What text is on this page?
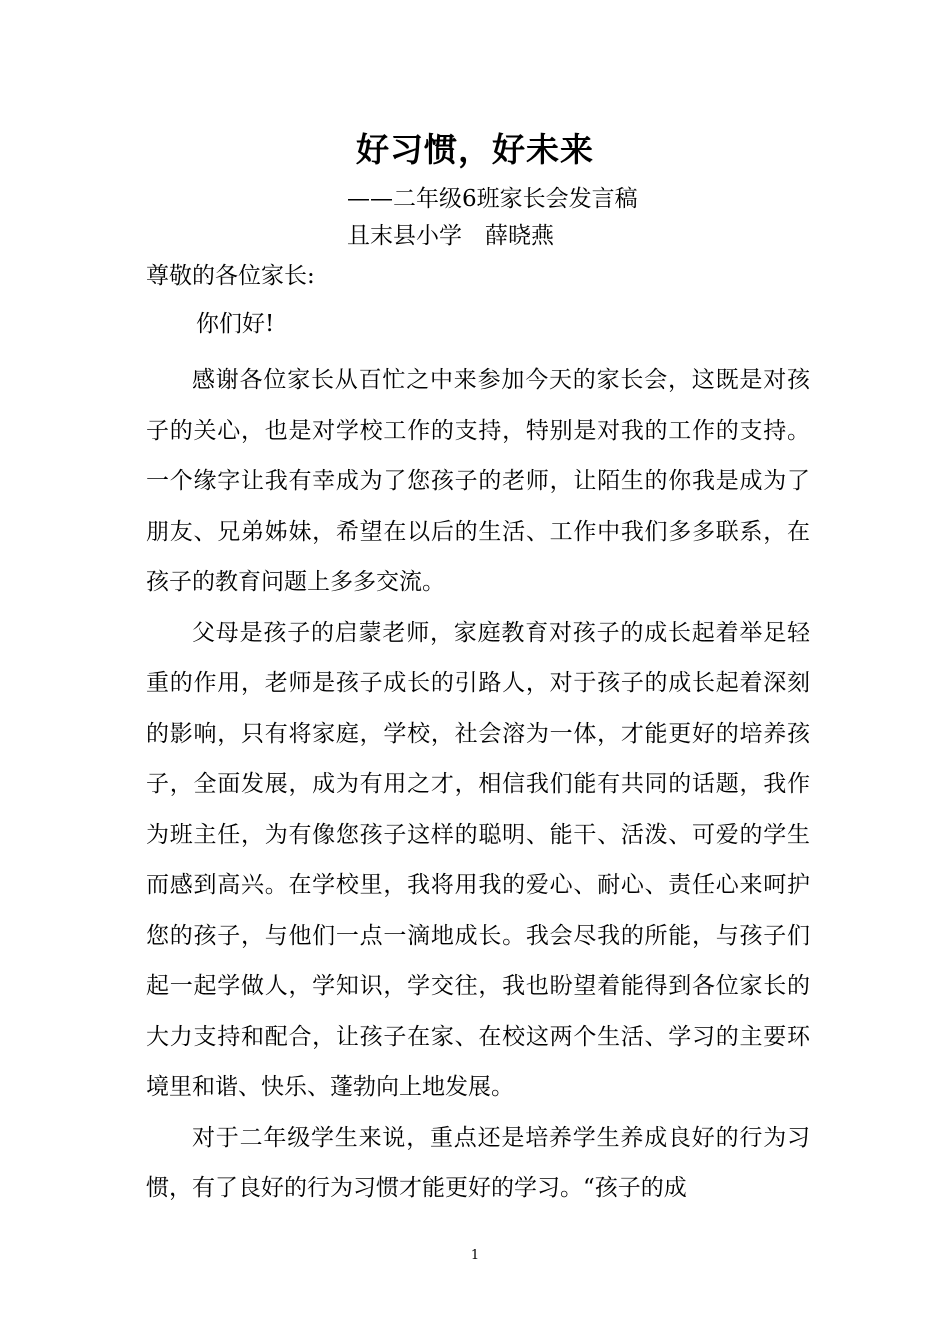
好习惯，好未来
——二年级6班家长会发言稿
且末县小学　薛晓燕
尊敬的各位家长:
你们好!

感谢各位家长从百忙之中来参加今天的家长会，这既是对孩子的关心，也是对学校工作的支持，特别是对我的工作的支持。一个缘字让我有幸成为了您孩子的老师，让陌生的你我是成为了朋友、兄弟姊妹，希望在以后的生活、工作中我们多多联系，在孩子的教育问题上多多交流。

父母是孩子的启蒙老师，家庭教育对孩子的成长起着举足轻重的作用，老师是孩子成长的引路人，对于孩子的成长起着深刻的影响，只有将家庭，学校，社会溶为一体，才能更好的培养孩子，全面发展，成为有用之才，相信我们能有共同的话题，我作为班主任，为有像您孩子这样的聪明、能干、活泼、可爱的学生而感到高兴。在学校里，我将用我的爱心、耐心、责任心来呵护您的孩子，与他们一点一滴地成长。我会尽我的所能，与孩子们起一起学做人，学知识，学交往，我也盼望着能得到各位家长的大力支持和配合，让孩子在家、在校这两个生活、学习的主要环境里和谐、快乐、蓬勃向上地发展。

对于二年级学生来说，重点还是培养学生养成良好的行为习惯，有了良好的行为习惯才能更好的学习。“孩子的成

1
